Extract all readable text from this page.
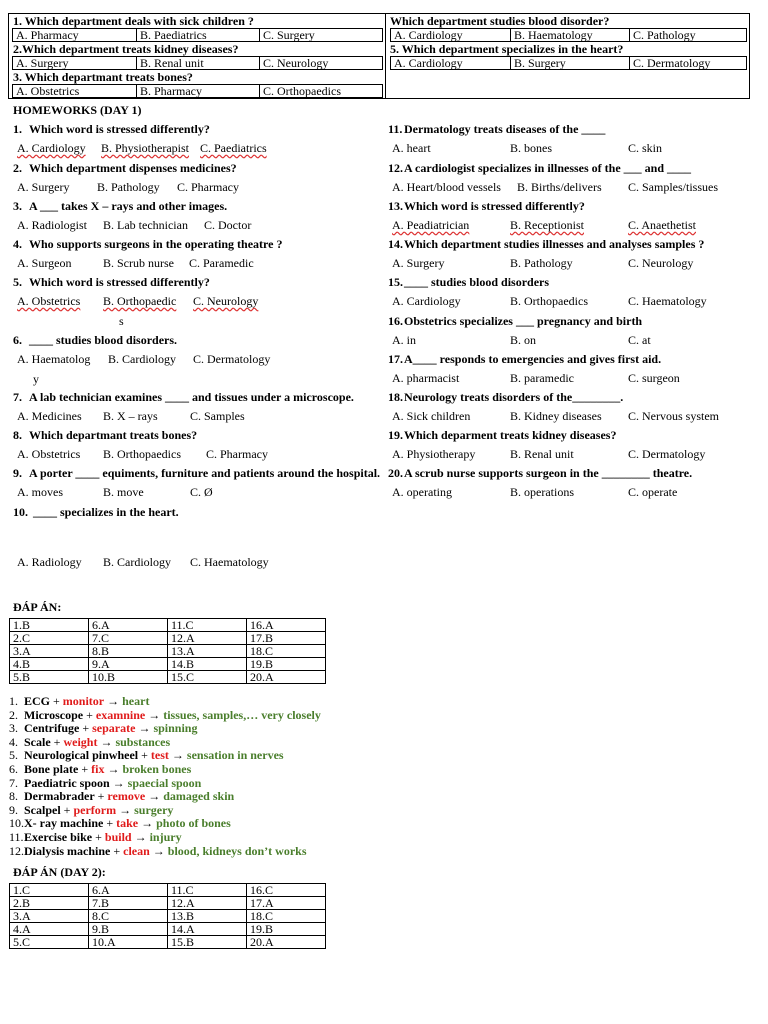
1. Which department deals with sick children ?
A. Pharmacy	B. Paediatrics	C. Surgery
2.Which department treats kidney diseases?
A. Surgery	B. Renal unit	C. Neurology
3. Which departmant treats bones?
A. Obstetrics	B. Pharmacy	C. Orthopaedics
Which department studies blood disorder?
A. Cardiology	B. Haematology	C. Pathology
5. Which department specializes in the heart?
A. Cardiology	B. Surgery	C. Dermatology
HOMEWORKS (DAY 1)
1. Which word is stressed differently?
A. Cardiology B. Physiotherapist C. Paediatrics
2. Which department dispenses medicines?
A. Surgery B. Pathology C. Pharmacy
3. A ___ takes X – rays and other images.
A. Radiologist B. Lab technician C. Doctor
4. Who supports surgeons in the operating theatre ?
A. Surgeon	B. Scrub nurse C. Paramedic
5. Which word is stressed differently?
A. Obstetrics B. Orthopaedic C. Neurology
s
6. ____ studies blood disorders.
A. Haematolog B. Cardiology C. Dermatology
y
7. A lab technician examines ____ and tissues under a microscope.
A. Medicines B. X – rays	C. Samples
8. Which departmant treats bones?
A. Obstetrics B. Orthopaedics C. Pharmacy
9. A porter ____ equiments, furniture and patients around the hospital.
A. moves	B. move	C. Ø
10. ____ specializes in the heart.
A. Radiology B. Cardiology C. Haematology
11. Dermatology treats diseases of the ____
A. heart	B. bones	C. skin
12.A cardiologist specializes in illnesses of the ___ and ____
A. Heart/blood vessels B. Births/delivers C. Samples/tissues
13.Which word is stressed differently?
A. Peadiatrician	B. Receptionist	C. Anaethetist
14.Which department studies illnesses and analyses samples ?
A. Surgery	B. Pathology	C. Neurology
15.____ studies blood disorders
A. Cardiology	B. Orthopaedics	C. Haematology
16.Obstetrics specializes ___ pregnancy and birth
A. in	B. on	C. at
17.A____ responds to emergencies and gives first aid.
A. pharmacist	B. paramedic	C. surgeon
18.Neurology treats disorders of the________.
A. Sick children	B. Kidney diseases C. Nervous system
19.Which deparment treats kidney diseases?
A. Physiotherapy	B. Renal unit	C. Dermatology
20.A scrub nurse supports surgeon in the ________ theatre.
A. operating	B. operations	C. operate
ĐÁP ÁN:
1.B	6.A	11.C	16.A
2.C	7.C	12.A	17.B
3.A	8.B	13.A	18.C
4.B	9.A	14.B	19.B
5.B	10.B	15.C	20.A
1. ECG + monitor → heart
2. Microscope + examnine → tissues, samples,… very closely
3. Centrifuge + separate → spinning
4. Scale + weight → substances
5. Neurological pinwheel + test → sensation in nerves
6. Bone plate + fix → broken bones
7. Paediatric spoon → spaecial spoon
8. Dermabrader + remove → damaged skin
9. Scalpel + perform → surgery
10.X- ray machine + take → photo of bones
11.Exercise bike + build → injury
12.Dialysis machine + clean → blood, kidneys don’t works
ĐÁP ÁN (DAY 2):
1.C	6.A	11.C	16.C
2.B	7.B	12.A	17.A
3.A	8.C	13.B	18.C
4.A	9.B	14.A	19.B
5.C	10.A	15.B	20.A
